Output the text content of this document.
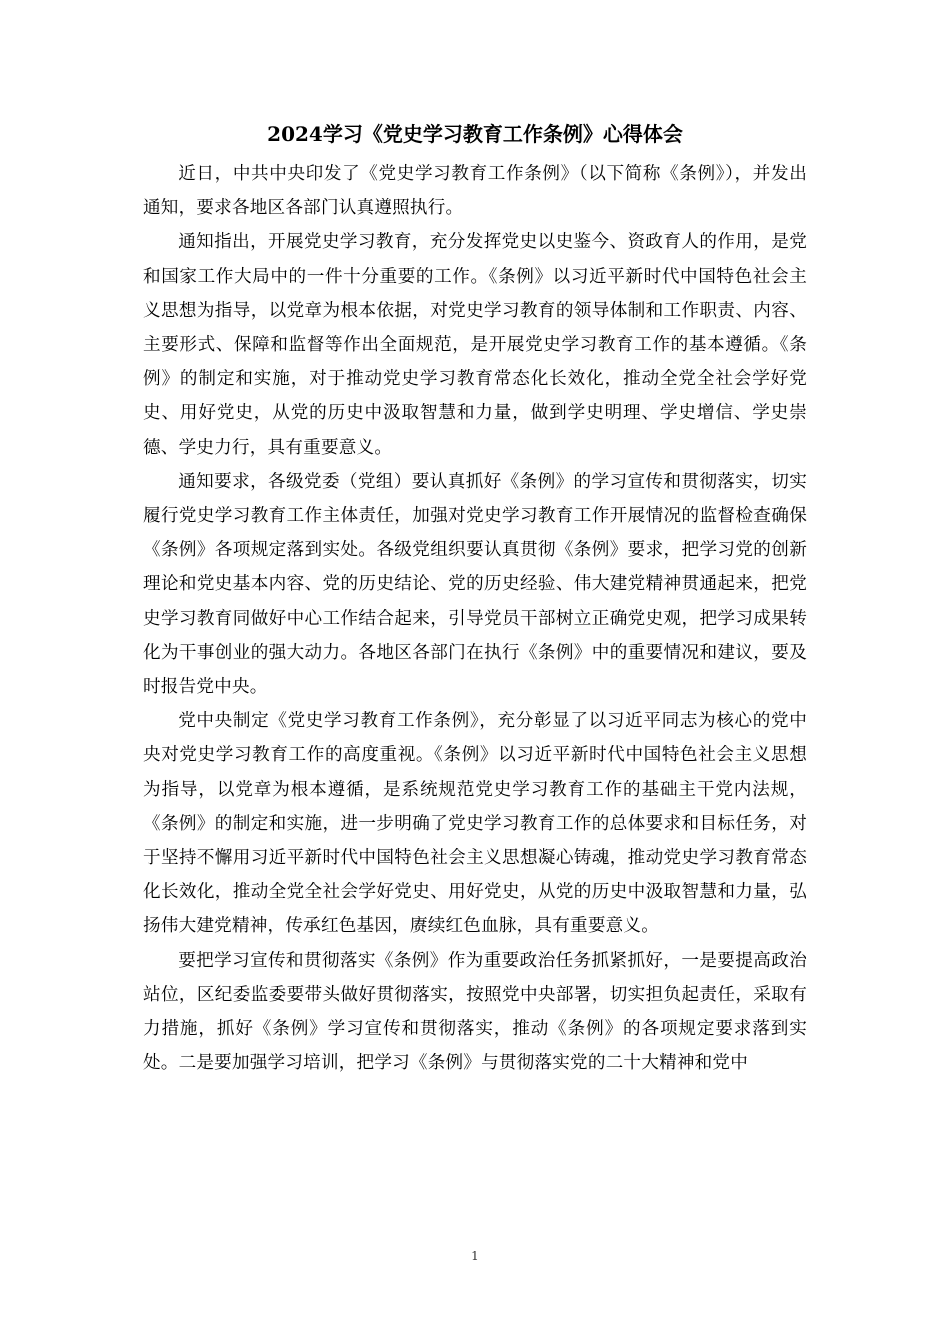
2024学习《党史学习教育工作条例》心得体会

近日，中共中央印发了《党史学习教育工作条例》（以下简称《条例》），并发出通知，要求各地区各部门认真遵照执行。

通知指出，开展党史学习教育，充分发挥党史以史鉴今、资政育人的作用，是党和国家工作大局中的一件十分重要的工作。《条例》以习近平新时代中国特色社会主义思想为指导，以党章为根本依据，对党史学习教育的领导体制和工作职责、内容、主要形式、保障和监督等作出全面规范，是开展党史学习教育工作的基本遵循。《条例》的制定和实施，对于推动党史学习教育常态化长效化，推动全党全社会学好党史、用好党史，从党的历史中汲取智慧和力量，做到学史明理、学史增信、学史崇德、学史力行，具有重要意义。

通知要求，各级党委（党组）要认真抓好《条例》的学习宣传和贯彻落实，切实履行党史学习教育工作主体责任，加强对党史学习教育工作开展情况的监督检查确保《条例》各项规定落到实处。各级党组织要认真贯彻《条例》要求，把学习党的创新理论和党史基本内容、党的历史结论、党的历史经验、伟大建党精神贯通起来，把党史学习教育同做好中心工作结合起来，引导党员干部树立正确党史观，把学习成果转化为干事创业的强大动力。各地区各部门在执行《条例》中的重要情况和建议，要及时报告党中央。

党中央制定《党史学习教育工作条例》，充分彰显了以习近平同志为核心的党中央对党史学习教育工作的高度重视。《条例》以习近平新时代中国特色社会主义思想为指导，以党章为根本遵循，是系统规范党史学习教育工作的基础主干党内法规，《条例》的制定和实施，进一步明确了党史学习教育工作的总体要求和目标任务，对于坚持不懈用习近平新时代中国特色社会主义思想凝心铸魂，推动党史学习教育常态化长效化，推动全党全社会学好党史、用好党史，从党的历史中汲取智慧和力量，弘扬伟大建党精神，传承红色基因，赓续红色血脉，具有重要意义。

要把学习宣传和贯彻落实《条例》作为重要政治任务抓紧抓好，一是要提高政治站位，区纪委监委要带头做好贯彻落实，按照党中央部署，切实担负起责任，采取有力措施，抓好《条例》学习宣传和贯彻落实，推动《条例》的各项规定要求落到实处。二是要加强学习培训，把学习《条例》与贯彻落实党的二十大精神和党中

1
